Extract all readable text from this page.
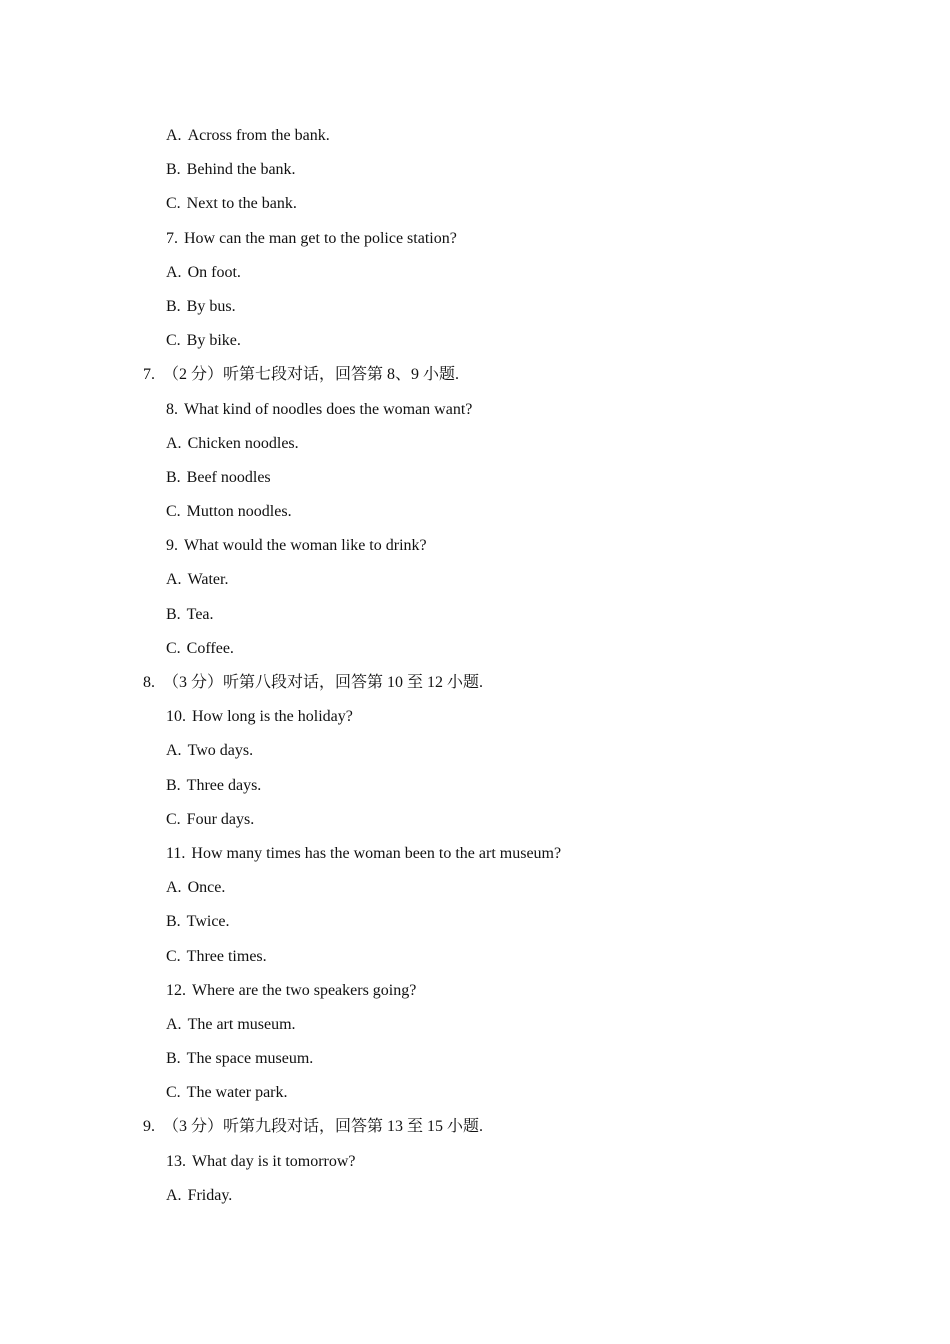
A. Across from the bank.
B. Behind the bank.
C. Next to the bank.
7. How can the man get to the police station?
A. On foot.
B. By bus.
C. By bike.
7. （2 分）听第七段对话，回答第 8、9 小题.
8. What kind of noodles does the woman want?
A. Chicken noodles.
B. Beef noodles
C. Mutton noodles.
9. What would the woman like to drink?
A. Water.
B. Tea.
C. Coffee.
8. （3 分）听第八段对话，回答第 10 至 12 小题.
10. How long is the holiday?
A. Two days.
B. Three days.
C. Four days.
11. How many times has the woman been to the art museum?
A. Once.
B. Twice.
C. Three times.
12. Where are the two speakers going?
A. The art museum.
B. The space museum.
C. The water park.
9. （3 分）听第九段对话，回答第 13 至 15 小题.
13. What day is it tomorrow?
A. Friday.
